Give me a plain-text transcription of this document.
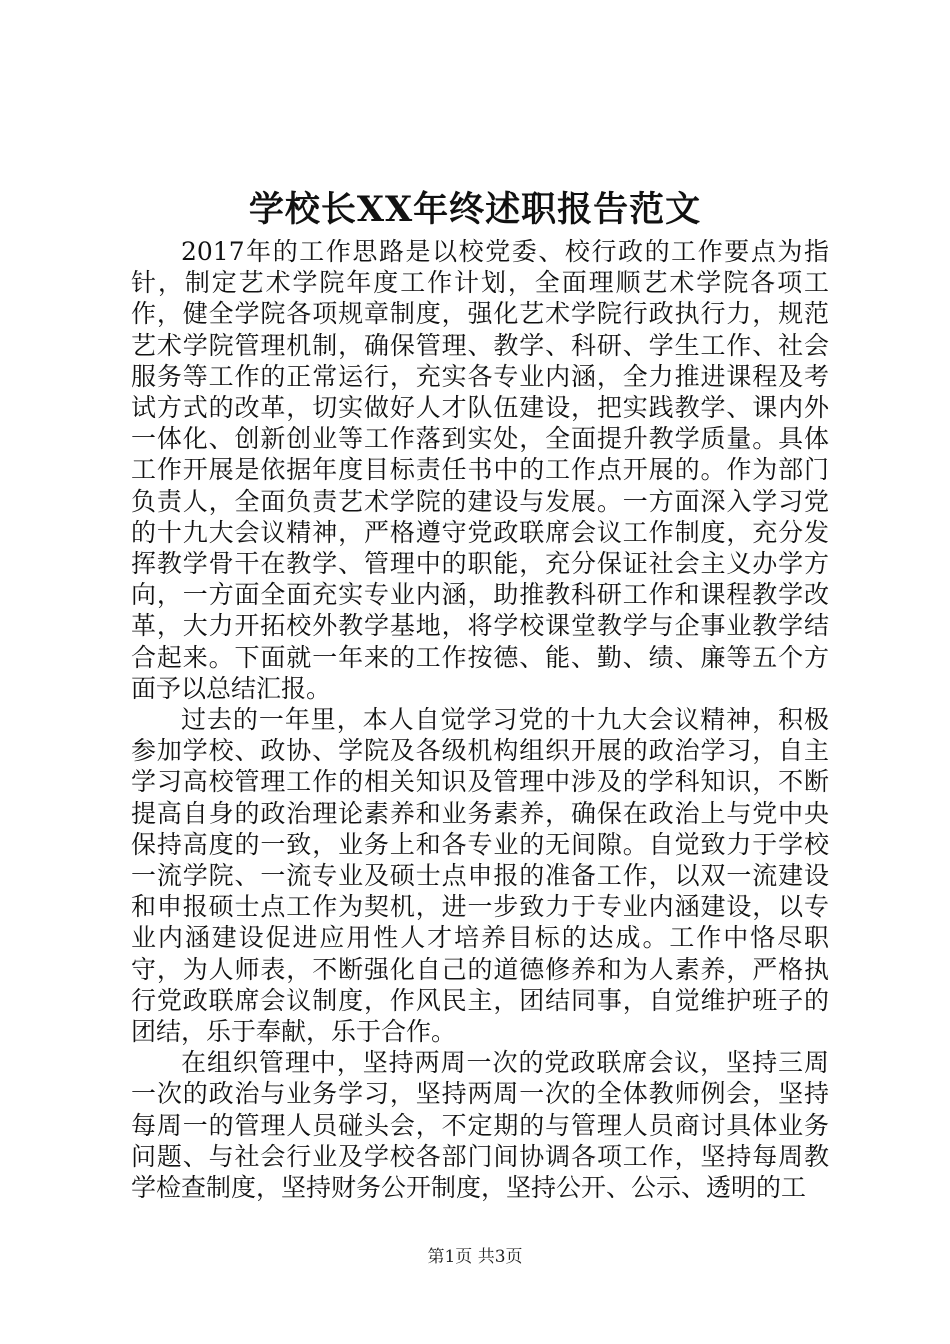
学校长XX年终述职报告范文

2017年的工作思路是以校党委、校行政的工作要点为指针，制定艺术学院年度工作计划，全面理顺艺术学院各项工作，健全学院各项规章制度，强化艺术学院行政执行力，规范艺术学院管理机制，确保管理、教学、科研、学生工作、社会服务等工作的正常运行，充实各专业内涵，全力推进课程及考试方式的改革，切实做好人才队伍建设，把实践教学、课内外一体化、创新创业等工作落到实处，全面提升教学质量。具体工作开展是依据年度目标责任书中的工作点开展的。作为部门负责人，全面负责艺术学院的建设与发展。一方面深入学习党的十九大会议精神，严格遵守党政联席会议工作制度，充分发挥教学骨干在教学、管理中的职能，充分保证社会主义办学方向，一方面全面充实专业内涵，助推教科研工作和课程教学改革，大力开拓校外教学基地，将学校课堂教学与企事业教学结合起来。下面就一年来的工作按德、能、勤、绩、廉等五个方面予以总结汇报。

过去的一年里，本人自觉学习党的十九大会议精神，积极参加学校、政协、学院及各级机构组织开展的政治学习，自主学习高校管理工作的相关知识及管理中涉及的学科知识，不断提高自身的政治理论素养和业务素养，确保在政治上与党中央保持高度的一致，业务上和各专业的无间隙。自觉致力于学校一流学院、一流专业及硕士点申报的准备工作，以双一流建设和申报硕士点工作为契机，进一步致力于专业内涵建设，以专业内涵建设促进应用性人才培养目标的达成。工作中恪尽职守，为人师表，不断强化自己的道德修养和为人素养，严格执行党政联席会议制度，作风民主，团结同事，自觉维护班子的团结，乐于奉献，乐于合作。

在组织管理中，坚持两周一次的党政联席会议，坚持三周一次的政治与业务学习，坚持两周一次的全体教师例会，坚持每周一的管理人员碰头会，不定期的与管理人员商讨具体业务问题、与社会行业及学校各部门间协调各项工作，坚持每周教学检查制度，坚持财务公开制度，坚持公开、公示、透明的工

第1页 共3页
